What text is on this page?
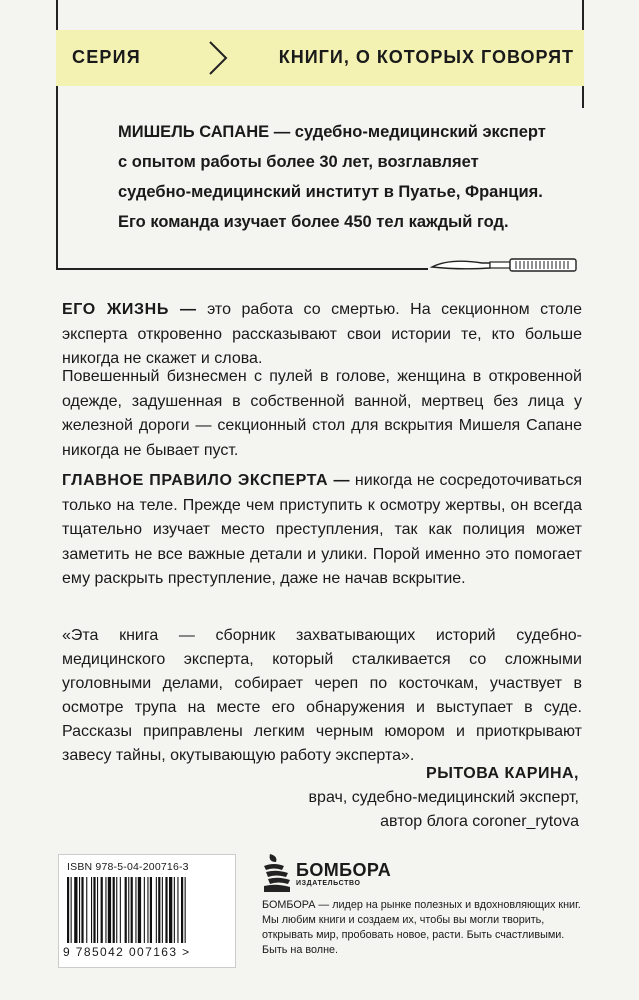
СЕРИЯ	КНИГИ, О КОТОРЫХ ГОВОРЯТ
МИШЕЛЬ САПАНЕ — судебно-медицинский эксперт
с опытом работы более 30 лет, возглавляет
судебно-медицинский институт в Пуатье, Франция.
Его команда изучает более 450 тел каждый год.
ЕГО ЖИЗНЬ — это работа со смертью. На секционном столе эксперта откровенно рассказывают свои истории те, кто больше никогда не скажет и слова.
Повешенный бизнесмен с пулей в голове, женщина в откровенной одежде, задушенная в собственной ванной, мертвец без лица у железной дороги — секционный стол для вскрытия Мишеля Сапане никогда не бывает пуст.
ГЛАВНОЕ ПРАВИЛО ЭКСПЕРТА — никогда не сосредоточиваться только на теле. Прежде чем приступить к осмотру жертвы, он всегда тщательно изучает место преступления, так как полиция может заметить не все важные детали и улики. Порой именно это помогает ему раскрыть преступление, даже не начав вскрытие.
«Эта книга — сборник захватывающих историй судебно-медицинского эксперта, который сталкивается со сложными уголовными делами, собирает череп по косточкам, участвует в осмотре трупа на месте его обнаружения и выступает в суде. Рассказы приправлены легким черным юмором и приоткрывают завесу тайны, окутывающую работу эксперта».
РЫТОВА КАРИНА,
врач, судебно-медицинский эксперт,
автор блога coroner_rytova
ISBN 978-5-04-200716-3
9 785042 007163 >
БОМБОРА
ИЗДАТЕЛЬСТВО
БОМБОРА — лидер на рынке полезных и вдохновляющих книг. Мы любим книги и создаем их, чтобы вы могли творить, открывать мир, пробовать новое, расти. Быть счастливыми. Быть на волне.
